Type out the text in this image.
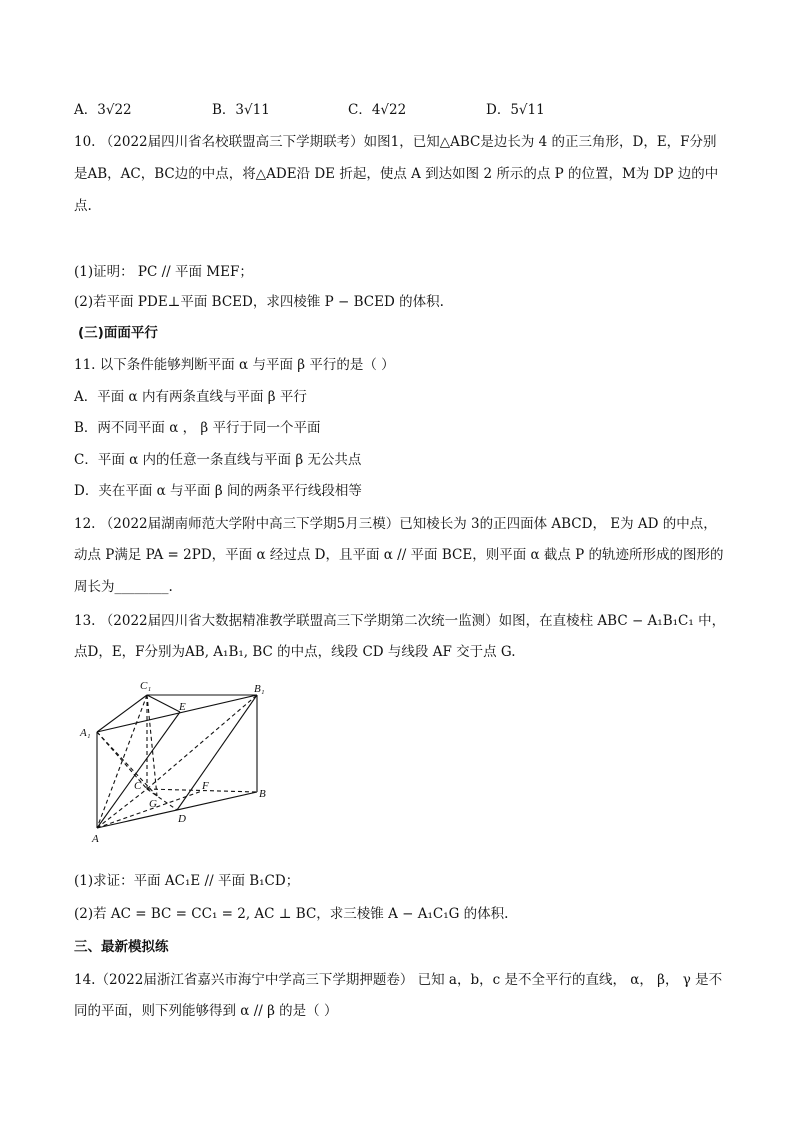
A．3√22	B．3√11	C．4√22	D．5√11
10. （2022届四川省名校联盟高三下学期联考）如图1，已知△ABC是边长为 4 的正三角形，D，E，F分别
是AB，AC，BC边的中点，将△ADE沿 DE 折起，使点 A 到达如图 2 所示的点 P 的位置，M为 DP 边的中
点.
(1)证明： PC // 平面 MEF；
(2)若平面 PDE⊥平面 BCED，求四棱锥 P − BCED 的体积.
(三)面面平行
11. 以下条件能够判断平面 α 与平面 β 平行的是（ ）
A．平面 α 内有两条直线与平面 β 平行
B．两不同平面 α ， β 平行于同一个平面
C．平面 α 内的任意一条直线与平面 β 无公共点
D．夹在平面 α 与平面 β 间的两条平行线段相等
12. （2022届湖南师范大学附中高三下学期5月三模）已知棱长为 3的正四面体 ABCD， E为 AD 的中点，
动点 P满足 PA = 2PD，平面 α 经过点 D，且平面 α // 平面 BCE，则平面 α 截点 P 的轨迹所形成的图形的
周长为________.
13. （2022届四川省大数据精准教学联盟高三下学期第二次统一监测）如图，在直棱柱 ABC − A₁B₁C₁ 中，
点D，E，F分别为AB, A₁B₁, BC 的中点，线段 CD 与线段 AF 交于点 G.
C₁	B₁
A₁
E
F
C
G
B
D
A
(1)求证：平面 AC₁E // 平面 B₁CD；
(2)若 AC = BC = CC₁ = 2, AC ⊥ BC，求三棱锥 A − A₁C₁G 的体积.
三、最新模拟练
14.（2022届浙江省嘉兴市海宁中学高三下学期押题卷） 已知 a，b，c 是不全平行的直线， α， β， γ 是不
同的平面，则下列能够得到 α // β 的是（ ）
